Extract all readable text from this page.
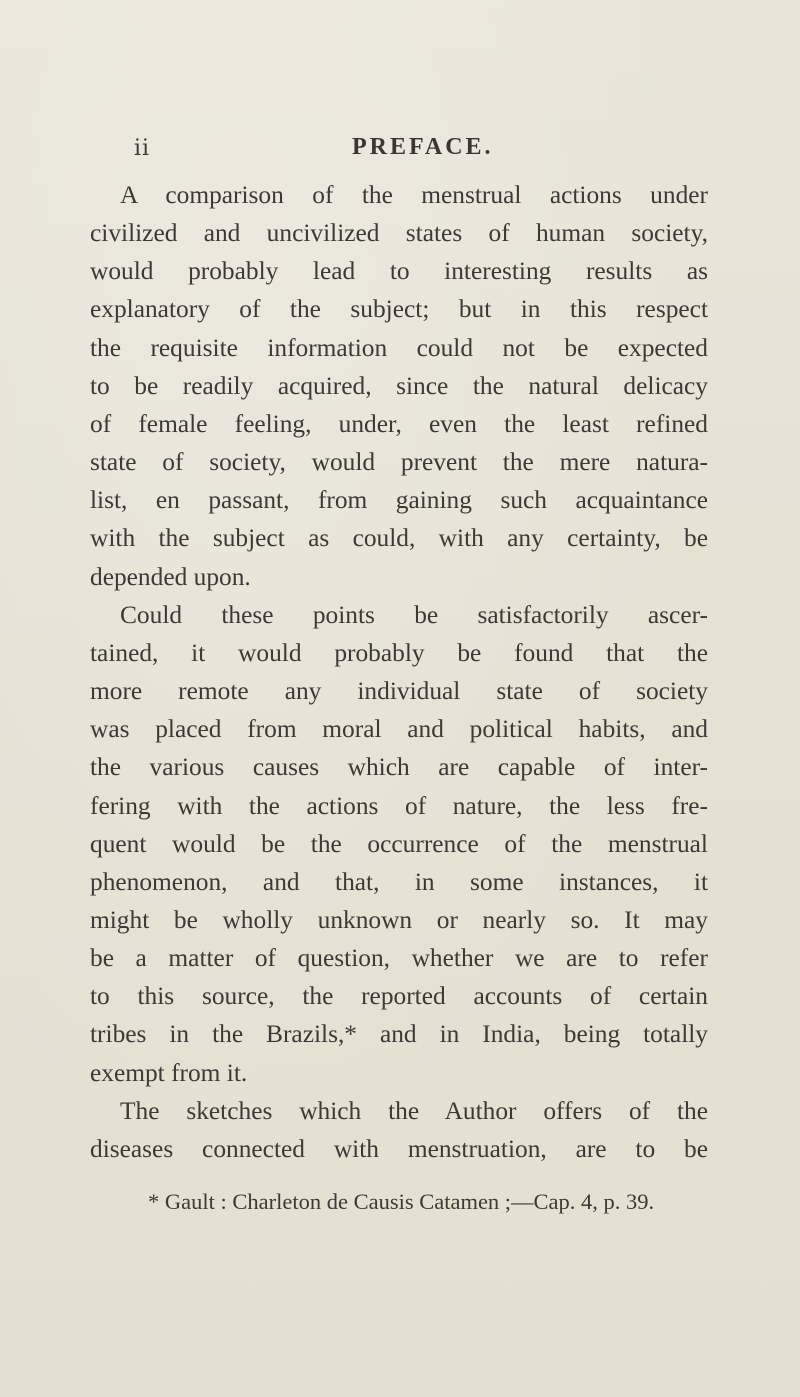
ii	PREFACE.
A comparison of the menstrual actions under
civilized and uncivilized states of human society,
would probably lead to interesting results as
explanatory of the subject; but in this respect
the requisite information could not be expected
to be readily acquired, since the natural delicacy
of female feeling, under, even the least refined
state of society, would prevent the mere natura-
list, en passant, from gaining such acquaintance
with the subject as could, with any certainty, be
depended upon.
Could these points be satisfactorily ascer-
tained, it would probably be found that the
more remote any individual state of society
was placed from moral and political habits, and
the various causes which are capable of inter-
fering with the actions of nature, the less fre-
quent would be the occurrence of the menstrual
phenomenon, and that, in some instances, it
might be wholly unknown or nearly so. It may
be a matter of question, whether we are to refer
to this source, the reported accounts of certain
tribes in the Brazils,* and in India, being totally
exempt from it.
The sketches which the Author offers of the
diseases connected with menstruation, are to be
* Gault : Charleton de Causis Catamen ;—Cap. 4, p. 39.
